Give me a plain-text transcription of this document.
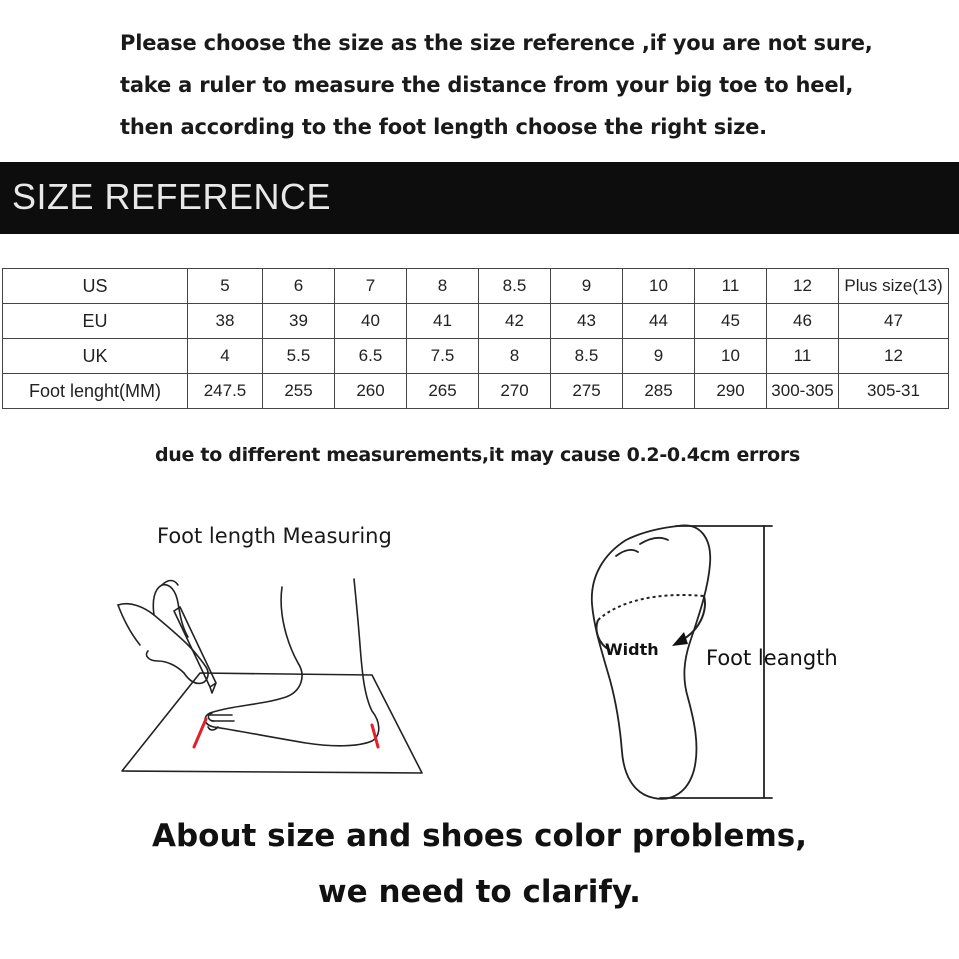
Please choose the size as the size reference ,if you are not sure,
take a ruler to measure the distance from your big toe to heel,
then according to the foot length choose the right size.
SIZE REFERENCE
US	5	6	7	8	8.5	9	10	11	12	Plus size(13)
EU	38	39	40	41	42	43	44	45	46	47
UK	4	5.5	6.5	7.5	8	8.5	9	10	11	12
Foot lenght(MM)	247.5	255	260	265	270	275	285	290	300-305	305-31
due to different measurements,it may cause 0.2-0.4cm errors
Foot length Measuring
Width Foot leangth
About size and shoes color problems,
we need to clarify.
